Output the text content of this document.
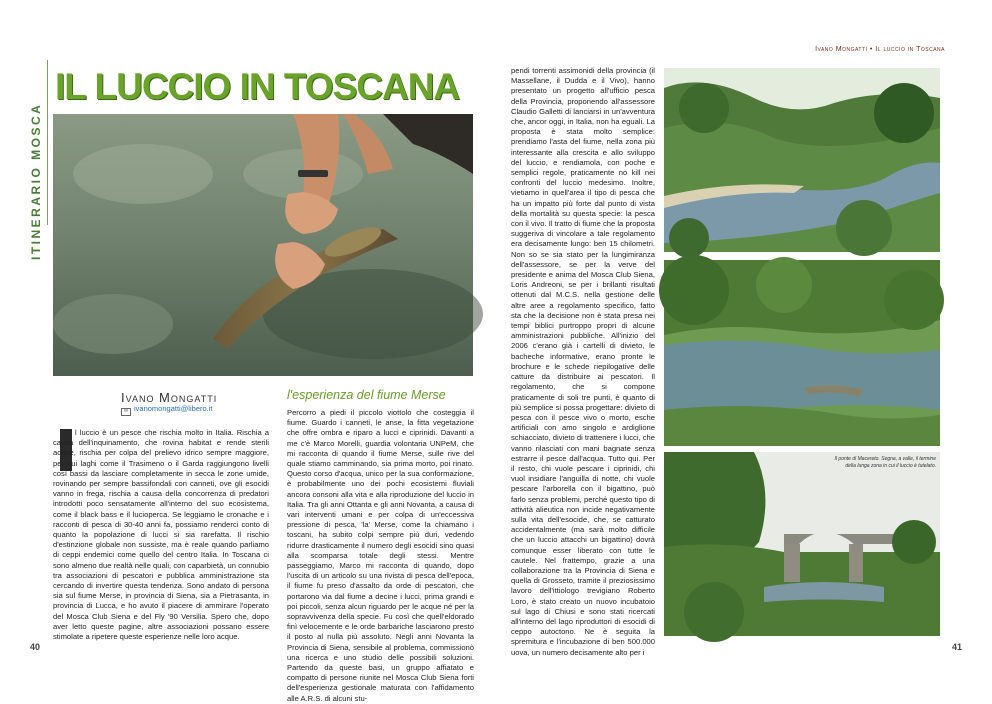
ITINERARIO MOSCA
IL LUCCIO IN TOSCANA
Ivano Mongatti
✉ ivanomongatti@libero.it

l luccio è un pesce che rischia molto in Italia. Rischia a causa dell'inquinamento, che rovina habitat e rende sterili acque, rischia per colpa del prelievo idrico sempre maggiore, per cui laghi come il Trasimeno o il Garda raggiungono livelli così bassi da lasciare completamente in secca le zone umide, rovinando per sempre bassifondali con canneti, ove gli esocidi vanno in frega, rischia a causa della concorrenza di predatori introdotti poco sensatamente all'interno del suo ecosistema, come il black bass e il lucioperca. Se leggiamo le cronache e i racconti di pesca di 30-40 anni fa, possiamo renderci conto di quanto la popolazione di lucci si sia rarefatta. Il rischio d'estinzione globale non sussiste, ma è reale quando parliamo di ceppi endemici come quello del centro Italia. In Toscana ci sono almeno due realtà nelle quali, con caparbietà, un connubio tra associazioni di pescatori e pubblica amministrazione sta cercando di invertire questa tendenza. Sono andato di persona sia sul fiume Merse, in provincia di Siena, sia a Pietrasanta, in provincia di Lucca, e ho avuto il piacere di ammirare l'operato del Mosca Club Siena e del Fly '90 Versilia. Spero che, dopo aver letto queste pagine, altre associazioni possano essere stimolate a ripetere queste esperienze nelle loro acque.

l'esperienza del fiume Merse

Percorro a piedi il piccolo viottolo che costeggia il fiume. Guardo i canneti, le anse, la fitta vegetazione che offre ombra e riparo a lucci e ciprinidi. Davanti a me c'è Marco Morelli, guardia volontaria UNPeM, che mi racconta di quando il fiume Merse, sulle rive del quale stiamo camminando, sia prima morto, poi rinato. Questo corso d'acqua, unico per la sua conformazione, è probabilmente uno dei pochi ecosistemi fluviali ancora consoni alla vita e alla riproduzione del luccio in Italia. Tra gli anni Ottanta e gli anni Novanta, a causa di vari interventi umani e per colpa di un'eccessiva pressione di pesca, 'la' Merse, come la chiamano i toscani, ha subito colpi sempre più duri, vedendo ridurre drasticamente il numero degli esocidi sino quasi alla scomparsa totale degli stessi. Mentre passeggiamo, Marco mi racconta di quando, dopo l'uscita di un articolo su una rivista di pesca dell'epoca, il fiume fu preso d'assalto da orde di pescatori, che portarono via dal fiume a decine i lucci, prima grandi e poi piccoli, senza alcun riguardo per le acque né per la sopravvivenza della specie. Fu così che quell'eldorado finì velocemente e le orde barbariche lasciarono presto il posto al nulla più assoluto. Negli anni Novanta la Provincia di Siena, sensibile al problema, commissionò una ricerca e uno studio delle possibili soluzioni. Partendo da queste basi, un gruppo affiatato e compatto di persone riunite nel Mosca Club Siena forti dell'esperienza gestionale maturata con l'affidamento alle A.R.S. di alcuni stu-

40
Ivano Mongatti • Il luccio in Toscana

pendi torrenti assimonidi della provincia (il Massellane, il Dudda e il Vivo), hanno presentato un progetto all'ufficio pesca della Provincia, proponendo all'assessore Claudio Galletti di lanciarsi in un'avventura che, ancor oggi, in Italia, non ha eguali. La proposta è stata molto semplice: prendiamo l'asta del fiume, nella zona più interessante alla crescita e allo sviluppo del luccio, e rendiamola, con poche e semplici regole, praticamente no kill nei confronti del luccio medesimo. Inoltre, vietiamo in quell'area il tipo di pesca che ha un impatto più forte dal punto di vista della mortalità su questa specie: la pesca con il vivo. Il tratto di fiume che la proposta suggeriva di vincolare a tale regolamento era decisamente lungo: ben 15 chilometri. Non so se sia stato per la lungimiranza dell'assessore, se per la verve del presidente e anima del Mosca Club Siena, Loris Andreoni, se per i brillanti risultati ottenuti dal M.C.S. nella gestione delle altre aree a regolamento specifico, fatto sta che la decisione non è stata presa nei tempi biblici purtroppo propri di alcune amministrazioni pubbliche. All'inizio del 2006 c'erano già i cartelli di divieto, le bacheche informative, erano pronte le brochure e le schede riepilogative delle catture da distribuire ai pescatori. Il regolamento, che si compone praticamente di soli tre punti, è quanto di più semplice si possa progettare: divieto di pesca con il pesce vivo o morto, esche artificiali con amo singolo e ardiglione schiacciato, divieto di trattenere i lucci, che vanno rilasciati con mani bagnate senza estrarre il pesce dall'acqua. Tutto qui. Per il resto, chi vuole pescare i ciprinidi, chi vuol insidiare l'anguilla di notte, chi vuole pescare l'arborella con il bigattino, può farlo senza problemi, perché questo tipo di attività alieutica non incide negativamente sulla vita dell'esocide, che, se catturato accidentalmente (ma sarà molto difficile che un luccio attacchi un bigattino) dovrà comunque esser liberato con tutte le cautele. Nel frattempo, grazie a una collaborazione tra la Provincia di Siena e quella di Grosseto, tramite il preziosissimo lavoro dell'ittiologo trevigiano Roberto Loro, è stato creato un nuovo incubatoio sul lago di Chiusi e sono stati ricercati all'interno del lago riproduttori di esocidi di ceppo autoctono. Ne è seguita la spremitura e l'incubazione di ben 500.000 uova, un numero decisamente alto per i

Il ponte di Macereto. Segna, a valle, il termine della lunga zona in cui il luccio è tutelato.
41
